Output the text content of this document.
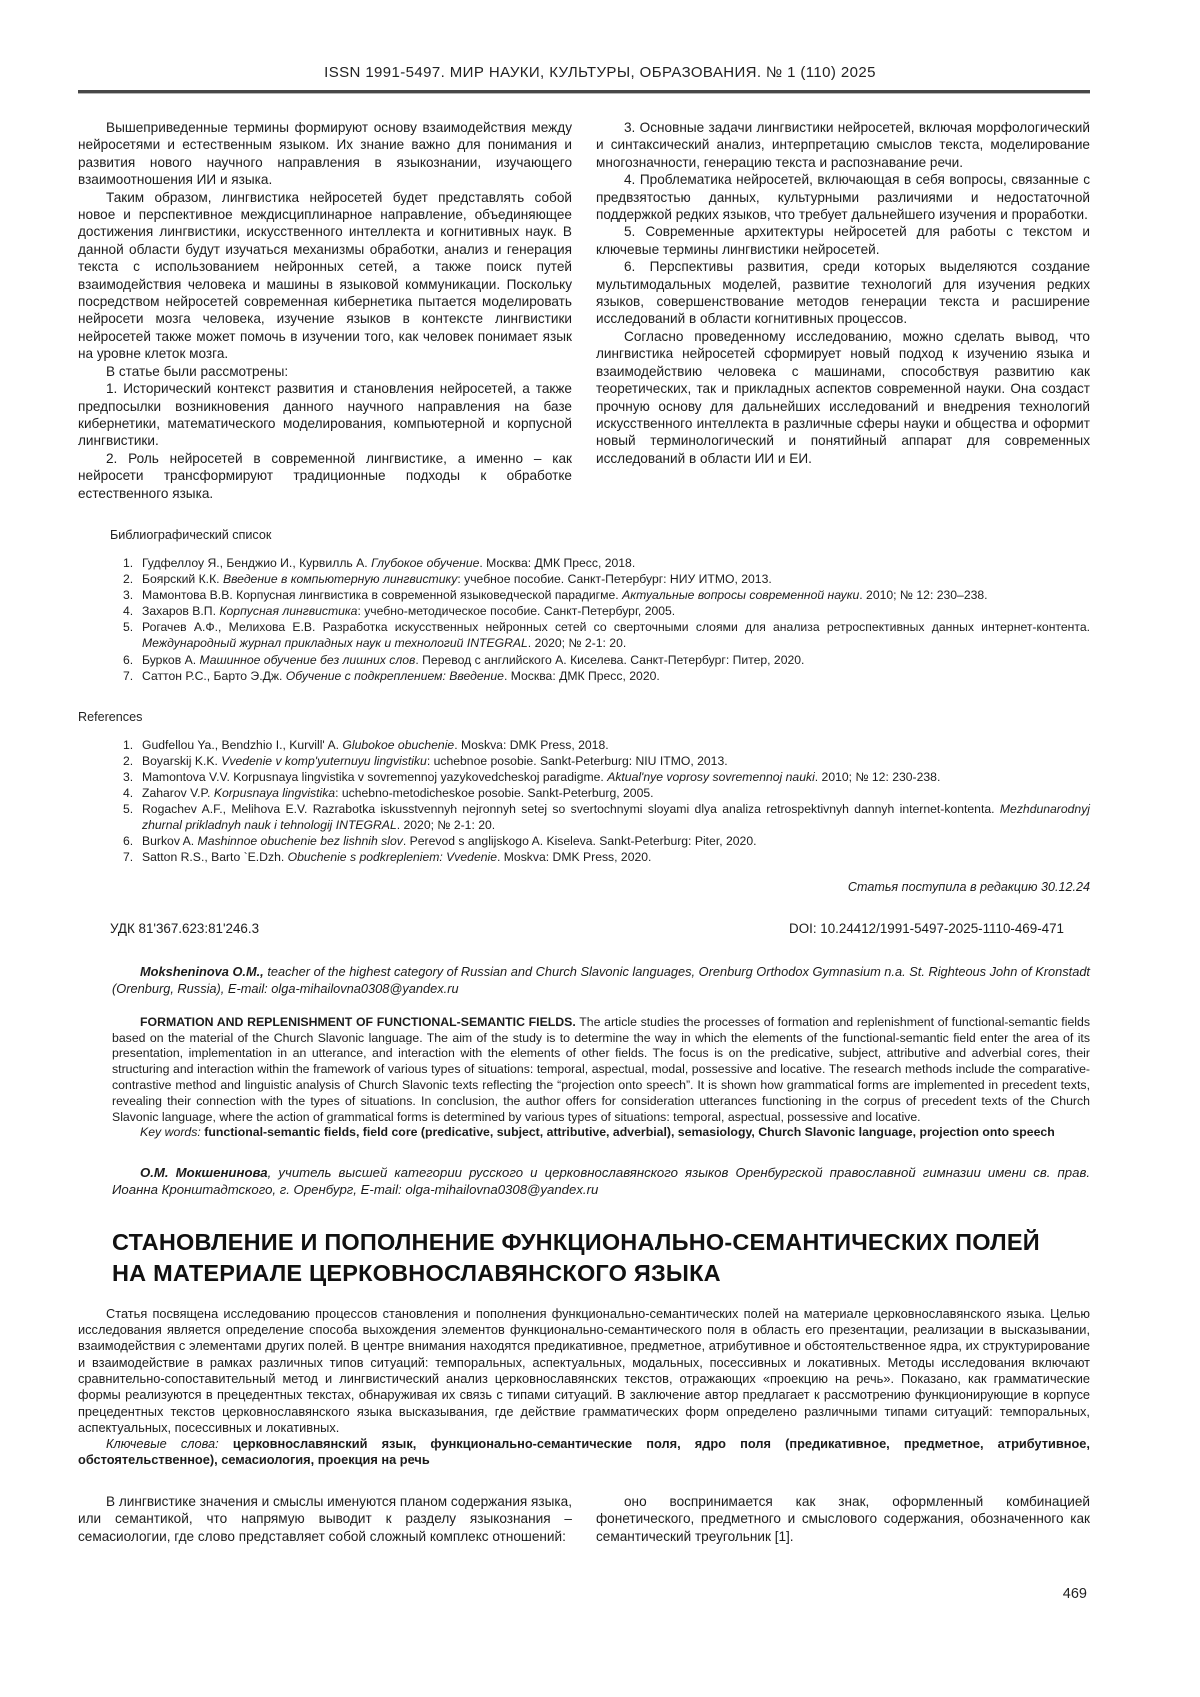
ISSN 1991-5497. МИР НАУКИ, КУЛЬТУРЫ, ОБРАЗОВАНИЯ. № 1 (110) 2025

Вышеприведенные термины формируют основу взаимодействия между нейросетями и естественным языком. Их знание важно для понимания и развития нового научного направления в языкознании, изучающего взаимоотношения ИИ и языка.

Таким образом, лингвистика нейросетей будет представлять собой новое и перспективное междисциплинарное направление, объединяющее достижения лингвистики, искусственного интеллекта и когнитивных наук. В данной области будут изучаться механизмы обработки, анализ и генерация текста с использованием нейронных сетей, а также поиск путей взаимодействия человека и машины в языковой коммуникации. Поскольку посредством нейросетей современная кибернетика пытается моделировать нейросети мозга человека, изучение языков в контексте лингвистики нейросетей также может помочь в изучении того, как человек понимает язык на уровне клеток мозга.

В статье были рассмотрены:

1. Исторический контекст развития и становления нейросетей, а также предпосылки возникновения данного научного направления на базе кибернетики, математического моделирования, компьютерной и корпусной лингвистики.

2. Роль нейросетей в современной лингвистике, а именно – как нейросети трансформируют традиционные подходы к обработке естественного языка.

3. Основные задачи лингвистики нейросетей, включая морфологический и синтаксический анализ, интерпретацию смыслов текста, моделирование многозначности, генерацию текста и распознавание речи.

4. Проблематика нейросетей, включающая в себя вопросы, связанные с предвзятостью данных, культурными различиями и недостаточной поддержкой редких языков, что требует дальнейшего изучения и проработки.

5. Современные архитектуры нейросетей для работы с текстом и ключевые термины лингвистики нейросетей.

6. Перспективы развития, среди которых выделяются создание мультимодальных моделей, развитие технологий для изучения редких языков, совершенствование методов генерации текста и расширение исследований в области когнитивных процессов.

Согласно проведенному исследованию, можно сделать вывод, что лингвистика нейросетей сформирует новый подход к изучению языка и взаимодействию человека с машинами, способствуя развитию как теоретических, так и прикладных аспектов современной науки. Она создаст прочную основу для дальнейших исследований и внедрения технологий искусственного интеллекта в различные сферы науки и общества и оформит новый терминологический и понятийный аппарат для современных исследований в области ИИ и ЕИ.

Библиографический список
1. Гудфеллоу Я., Бенджио И., Курвилль А. Глубокое обучение. Москва: ДМК Пресс, 2018.
2. Боярский К.К. Введение в компьютерную лингвистику: учебное пособие. Санкт-Петербург: НИУ ИТМО, 2013.
3. Мамонтова В.В. Корпусная лингвистика в современной языковедческой парадигме. Актуальные вопросы современной науки. 2010; № 12: 230–238.
4. Захаров В.П. Корпусная лингвистика: учебно-методическое пособие. Санкт-Петербург, 2005.
5. Рогачев А.Ф., Мелихова Е.В. Разработка искусственных нейронных сетей со сверточными слоями для анализа ретроспективных данных интернет-контента. Международный журнал прикладных наук и технологий INTEGRAL. 2020; № 2-1: 20.
6. Бурков А. Машинное обучение без лишних слов. Перевод с английского А. Киселева. Санкт-Петербург: Питер, 2020.
7. Саттон Р.С., Барто Э.Дж. Обучение с подкреплением: Введение. Москва: ДМК Пресс, 2020.
References
1. Gudfellou Ya., Bendzhio I., Kurvill' A. Glubokoe obuchenie. Moskva: DMK Press, 2018.
2. Boyarskij K.K. Vvedenie v komp'yuternuyu lingvistiku: uchebnoe posobie. Sankt-Peterburg: NIU ITMO, 2013.
3. Mamontova V.V. Korpusnaya lingvistika v sovremennoj yazykovedcheskoj paradigme. Aktual'nye voprosy sovremennoj nauki. 2010; № 12: 230-238.
4. Zaharov V.P. Korpusnaya lingvistika: uchebno-metodicheskoe posobie. Sankt-Peterburg, 2005.
5. Rogachev A.F., Melihova E.V. Razrabotka iskusstvennyh nejronnyh setej so svertochnymi sloyami dlya analiza retrospektivnyh dannyh internet-kontenta. Mezhdunarodnyj zhurnal prikladnyh nauk i tehnologij INTEGRAL. 2020; № 2-1: 20.
6. Burkov A. Mashinnoe obuchenie bez lishnih slov. Perevod s anglijskogo A. Kiseleva. Sankt-Peterburg: Piter, 2020.
7. Satton R.S., Barto `E.Dzh. Obuchenie s podkrepleniem: Vvedenie. Moskva: DMK Press, 2020.
Статья поступила в редакцию 30.12.24
УДК 81'367.623:81'246.3	DOI: 10.24412/1991-5497-2025-1110-469-471
Moksheninova O.M., teacher of the highest category of Russian and Church Slavonic languages, Orenburg Orthodox Gymnasium n.a. St. Righteous John of Kronstadt (Orenburg, Russia), E-mail: olga-mihailovna0308@yandex.ru

FORMATION AND REPLENISHMENT OF FUNCTIONAL-SEMANTIC FIELDS. The article studies the processes of formation and replenishment of functional-semantic fields based on the material of the Church Slavonic language. The aim of the study is to determine the way in which the elements of the functional-semantic field enter the area of its presentation, implementation in an utterance, and interaction with the elements of other fields. The focus is on the predicative, subject, attributive and adverbial cores, their structuring and interaction within the framework of various types of situations: temporal, aspectual, modal, possessive and locative. The research methods include the comparative-contrastive method and linguistic analysis of Church Slavonic texts reflecting the “projection onto speech”. It is shown how grammatical forms are implemented in precedent texts, revealing their connection with the types of situations. In conclusion, the author offers for consideration utterances functioning in the corpus of precedent texts of the Church Slavonic language, where the action of grammatical forms is determined by various types of situations: temporal, aspectual, possessive and locative.

Key words: functional-semantic fields, field core (predicative, subject, attributive, adverbial), semasiology, Church Slavonic language, projection onto speech

О.М. Мокшенинова, учитель высшей категории русского и церковнославянского языков Оренбургской православной гимназии имени св. прав. Иоанна Кронштадтского, г. Оренбург, E-mail: olga-mihailovna0308@yandex.ru
СТАНОВЛЕНИЕ И ПОПОЛНЕНИЕ ФУНКЦИОНАЛЬНО-СЕМАНТИЧЕСКИХ ПОЛЕЙ
НА МАТЕРИАЛЕ ЦЕРКОВНОСЛАВЯНСКОГО ЯЗЫКА

Статья посвящена исследованию процессов становления и пополнения функционально-семантических полей на материале церковнославянского языка. Целью исследования является определение способа выхождения элементов функционально-семантического поля в область его презентации, реализации в высказывании, взаимодействия с элементами других полей. В центре внимания находятся предикативное, предметное, атрибутивное и обстоятельственное ядра, их структурирование и взаимодействие в рамках различных типов ситуаций: темпоральных, аспектуальных, модальных, посессивных и локативных. Методы исследования включают сравнительно-сопоставительный метод и лингвистический анализ церковнославянских текстов, отражающих «проекцию на речь». Показано, как грамматические формы реализуются в прецедентных текстах, обнаруживая их связь с типами ситуаций. В заключение автор предлагает к рассмотрению функционирующие в корпусе прецедентных текстов церковнославянского языка высказывания, где действие грамматических форм определено различными типами ситуаций: темпоральных, аспектуальных, посессивных и локативных.

Ключевые слова: церковнославянский язык, функционально-семантические поля, ядро поля (предикативное, предметное, атрибутивное, обстоятельственное), семасиология, проекция на речь

В лингвистике значения и смыслы именуются планом содержания языка, или семантикой, что напрямую выводит к разделу языкознания – семасиологии, где слово представляет собой сложный комплекс отношений:

оно воспринимается как знак, оформленный комбинацией фонетического, предметного и смыслового содержания, обозначенного как семантический треугольник [1].

469
